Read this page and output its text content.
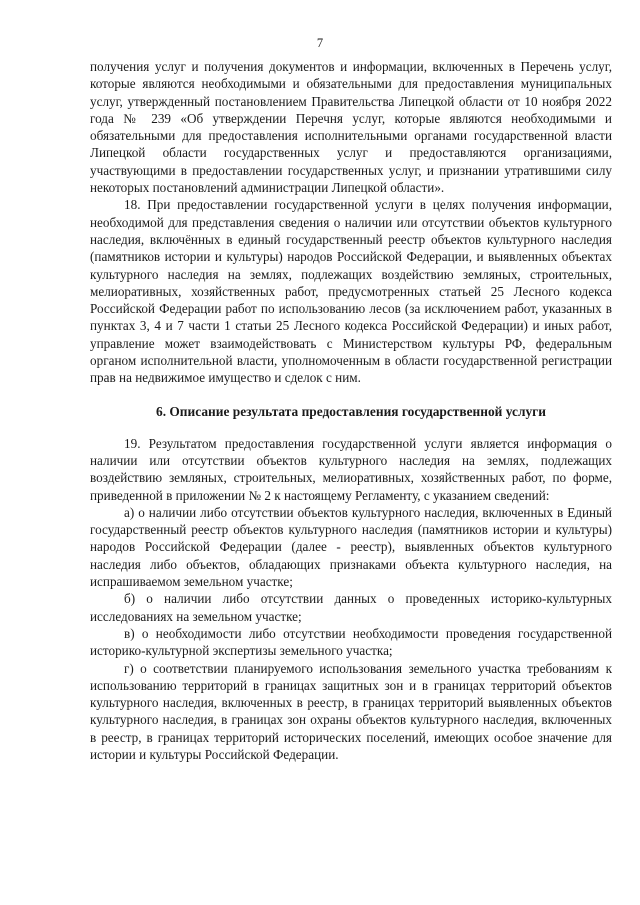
7

получения услуг и получения документов и информации, включенных в Перечень услуг, которые являются необходимыми и обязательными для предоставления муниципальных услуг, утвержденный постановлением Правительства Липецкой области от 10 ноября 2022 года № 239 «Об утверждении Перечня услуг, которые являются необходимыми и обязательными для предоставления исполнительными органами государственной власти Липецкой области государственных услуг и предоставляются организациями, участвующими в предоставлении государственных услуг, и признании утратившими силу некоторых постановлений администрации Липецкой области».

18. При предоставлении государственной услуги в целях получения информации, необходимой для представления сведения о наличии или отсутствии объектов культурного наследия, включённых в единый государственный реестр объектов культурного наследия (памятников истории и культуры) народов Российской Федерации, и выявленных объектах культурного наследия на землях, подлежащих воздействию земляных, строительных, мелиоративных, хозяйственных работ, предусмотренных статьей 25 Лесного кодекса Российской Федерации работ по использованию лесов (за исключением работ, указанных в пунктах 3, 4 и 7 части 1 статьи 25 Лесного кодекса Российской Федерации) и иных работ, управление может взаимодействовать с Министерством культуры РФ, федеральным органом исполнительной власти, уполномоченным в области государственной регистрации прав на недвижимое имущество и сделок с ним.

6. Описание результата предоставления государственной услуги

19. Результатом предоставления государственной услуги является информация о наличии или отсутствии объектов культурного наследия на землях, подлежащих воздействию земляных, строительных, мелиоративных, хозяйственных работ, по форме, приведенной в приложении № 2 к настоящему Регламенту, с указанием сведений:

а) о наличии либо отсутствии объектов культурного наследия, включенных в Единый государственный реестр объектов культурного наследия (памятников истории и культуры) народов Российской Федерации (далее - реестр), выявленных объектов культурного наследия либо объектов, обладающих признаками объекта культурного наследия, на испрашиваемом земельном участке;

б) о наличии либо отсутствии данных о проведенных историко-культурных исследованиях на земельном участке;

в) о необходимости либо отсутствии необходимости проведения государственной историко-культурной экспертизы земельного участка;

г) о соответствии планируемого использования земельного участка требованиям к использованию территорий в границах защитных зон и в границах территорий объектов культурного наследия, включенных в реестр, в границах территорий выявленных объектов культурного наследия, в границах зон охраны объектов культурного наследия, включенных в реестр, в границах территорий исторических поселений, имеющих особое значение для истории и культуры Российской Федерации.
